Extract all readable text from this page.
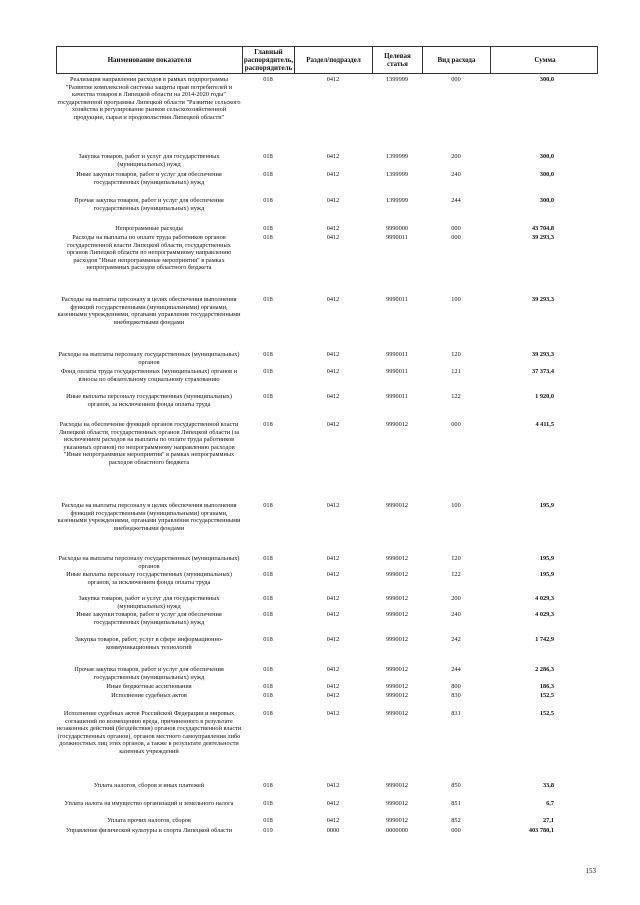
Наименование показателя
Главный распорядитель, распорядитель
Раздел/подраздел	Целевая статья	Вид расхода	Сумма
Реализация направления расходов в рамках подпрограммы "Развитие комплексной системы защиты прав потребителей и качества товаров в Липецкой области на 2014-2020 годы" государственной программы Липецкой области "Развитие сельского хозяйства и регулирование рынков сельскохозяйственной продукции, сырья и продовольствия Липецкой области"
018	0412	1399999	000	300,0
Закупка товаров, работ и услуг для государственных (муниципальных) нужд
018	0412	1399999	200	300,0
Иные закупки товаров, работ и услуг для обеспечения государственных (муниципальных) нужд
018	0412	1399999	240	300,0
Прочая закупка товаров, работ и услуг для обеспечения государственных (муниципальных) нужд
018	0412	1399999	244	300,0
Непрограммные расходы	018	0412	9990000	000	43 704,8
Расходы на выплаты по оплате труда работников органов государственной власти Липецкой области, государственных органов Липецкой области по непрограммному направлению расходов "Иные непрограммные мероприятия" в рамках непрограммных расходов областного бюджета
018	0412	9990011	000	39 293,3
Расходы на выплаты персоналу в целях обеспечения выполнения функций государственными (муниципальными) органами, казенными учреждениями, органами управления государственными внебюджетными фондами
018	0412	9990011	100	39 293,3
Расходы на выплаты персоналу государственных (муниципальных) органов
018	0412	9990011	120	39 293,3
Фонд оплаты труда государственных (муниципальных) органов и взносы по обязательному социальному страхованию
018	0412	9990011	121	37 373,4
Иные выплаты персоналу государственных (муниципальных) органов, за исключением фонда оплаты труда
018	0412	9990011	122	1 920,0
Расходы на обеспечение функций органов государственной власти Липецкой области, государственных органов Липецкой области (за исключением расходов на выплаты по оплате труда работников указанных органов) по непрограммному направлению расходов "Иные непрограммные мероприятия" в рамках непрограммных расходов областного бюджета
018	0412	9990012	000	4 411,5
Расходы на выплаты персоналу в целях обеспечения выполнения функций государственными (муниципальными) органами, казенными учреждениями, органами управления государственными внебюджетными фондами
018	0412	9990012	100	195,9
Расходы на выплаты персоналу государственных (муниципальных) органов
018	0412	9990012	120	195,9
Иные выплаты персоналу государственных (муниципальных) органов, за исключением фонда оплаты труда
018	0412	9990012	122	195,9
Закупка товаров, работ и услуг для государственных (муниципальных) нужд
018	0412	9990012	200	4 029,3
Иные закупки товаров, работ и услуг для обеспечения государственных (муниципальных) нужд
018	0412	9990012	240	4 029,3
Закупка товаров, работ, услуг в сфере информационно-коммуникационных технологий
018	0412	9990012	242	1 742,9
Прочая закупка товаров, работ и услуг для обеспечения государственных (муниципальных) нужд
018	0412	9990012	244	2 286,3
Иные бюджетные ассигнования	018	0412	9990012	800	186,3
Исполнение судебных актов	018	0412	9990012	830	152,5
Исполнение судебных актов Российской Федерации и мировых соглашений по возмещению вреда, причиненного в результате незаконных действий (бездействия) органов государственной власти (государственных органов), органов местного самоуправления либо должностных лиц этих органов, а также в результате деятельности казенных учреждений
018	0412	9990012	831	152,5
Уплата налогов, сборов и иных платежей	018	0412	9990012	850	33,8
Уплата налога на имущество организаций и земельного налога	018	0412	9990012	851	6,7
Уплата прочих налогов, сборов	018	0412	9990012	852	27,1
Управление физической культуры и спорта Липецкой области	019	0000	0000000	000	403 780,1
153
